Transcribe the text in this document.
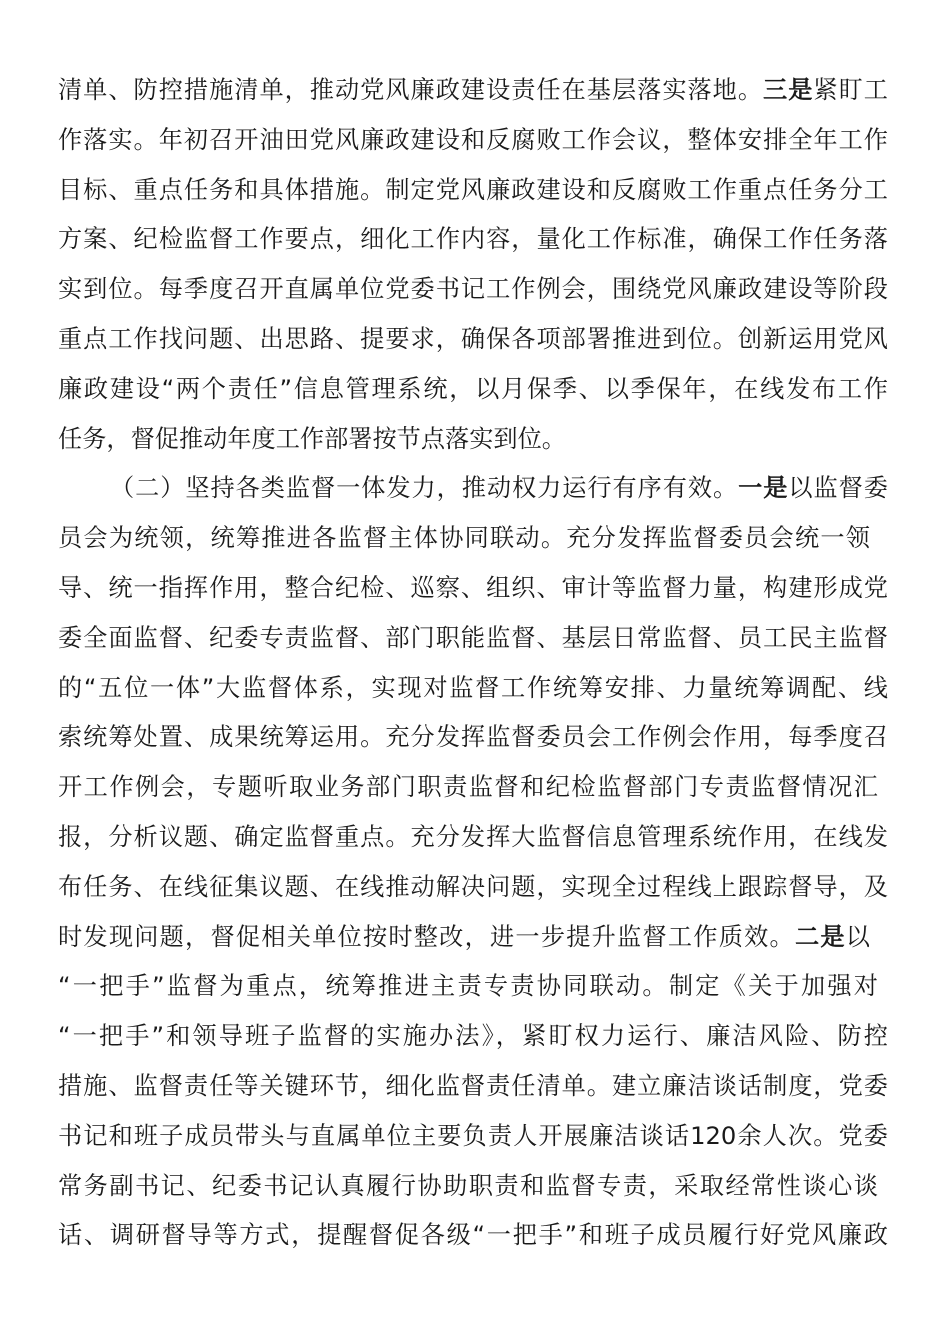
清单、防控措施清单，推动党风廉政建设责任在基层落实落地。三是紧盯工
作落实。年初召开油田党风廉政建设和反腐败工作会议，整体安排全年工作
目标、重点任务和具体措施。制定党风廉政建设和反腐败工作重点任务分工
方案、纪检监督工作要点，细化工作内容，量化工作标准，确保工作任务落
实到位。每季度召开直属单位党委书记工作例会，围绕党风廉政建设等阶段
重点工作找问题、出思路、提要求，确保各项部署推进到位。创新运用党风
廉政建设“两个责任”信息管理系统，以月保季、以季保年，在线发布工作
任务，督促推动年度工作部署按节点落实到位。
（二）坚持各类监督一体发力，推动权力运行有序有效。一是以监督委
员会为统领，统筹推进各监督主体协同联动。充分发挥监督委员会统一领
导、统一指挥作用，整合纪检、巡察、组织、审计等监督力量，构建形成党
委全面监督、纪委专责监督、部门职能监督、基层日常监督、员工民主监督
的“五位一体”大监督体系，实现对监督工作统筹安排、力量统筹调配、线
索统筹处置、成果统筹运用。充分发挥监督委员会工作例会作用，每季度召
开工作例会，专题听取业务部门职责监督和纪检监督部门专责监督情况汇
报，分析议题、确定监督重点。充分发挥大监督信息管理系统作用，在线发
布任务、在线征集议题、在线推动解决问题，实现全过程线上跟踪督导，及
时发现问题，督促相关单位按时整改，进一步提升监督工作质效。二是以
“一把手”监督为重点，统筹推进主责专责协同联动。制定《关于加强对
“一把手”和领导班子监督的实施办法》，紧盯权力运行、廉洁风险、防控
措施、监督责任等关键环节，细化监督责任清单。建立廉洁谈话制度，党委
书记和班子成员带头与直属单位主要负责人开展廉洁谈话120余人次。党委
常务副书记、纪委书记认真履行协助职责和监督专责，采取经常性谈心谈
话、调研督导等方式，提醒督促各级“一把手”和班子成员履行好党风廉政
